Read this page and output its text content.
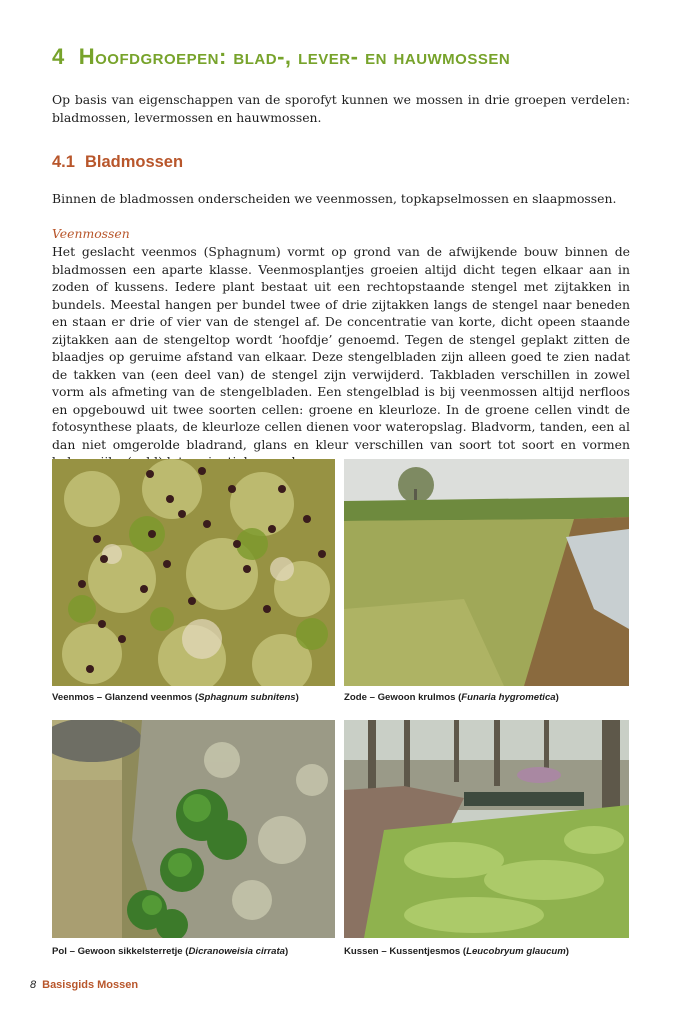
4 Hoofdgroepen: blad-, lever- en hauwmossen

Op basis van eigenschappen van de sporofyt kunnen we mossen in drie groepen verdelen: bladmossen, levermossen en hauwmossen.

4.1 Bladmossen

Binnen de bladmossen onderscheiden we veenmossen, topkapselmossen en slaapmossen.

Veenmossen

Het geslacht veenmos (Sphagnum) vormt op grond van de afwijkende bouw binnen de bladmossen een aparte klasse. Veenmosplantjes groeien altijd dicht tegen elkaar aan in zoden of kussens. Iedere plant bestaat uit een rechtopstaande stengel met zijtakken in bundels. Meestal hangen per bundel twee of drie zijtakken langs de stengel naar beneden en staan er drie of vier van de stengel af. De concentratie van korte, dicht opeen staande zijtakken aan de stengeltop wordt ‘hoofdje’ genoemd. Tegen de stengel geplakt zitten de blaadjes op geruime afstand van elkaar. Deze stengelbladen zijn alleen goed te zien nadat de takken van (een deel van) de stengel zijn verwijderd. Takbladen verschillen in zowel vorm als afmeting van de stengelbladen. Een stengelblad is bij veenmossen altijd nerfloos en opgebouwd uit twee soorten cellen: groene en kleurloze. In de groene cellen vindt de fotosynthese plaats, de kleurloze cellen dienen voor wateropslag. Bladvorm, tanden, een al dan niet omgerolde bladrand, glans en kleur verschillen van soort tot soort en vormen

Veenmos – Glanzend veenmos (Sphagnum subnitens)	Zode – Gewoon krulmos (Funaria hygrometica)

Pol – Gewoon sikkelsterretje (Dicranoweisia cirrata)	Kussen – Kussentjesmos (Leucobryum glaucum)

8 Basisgids Mossen
